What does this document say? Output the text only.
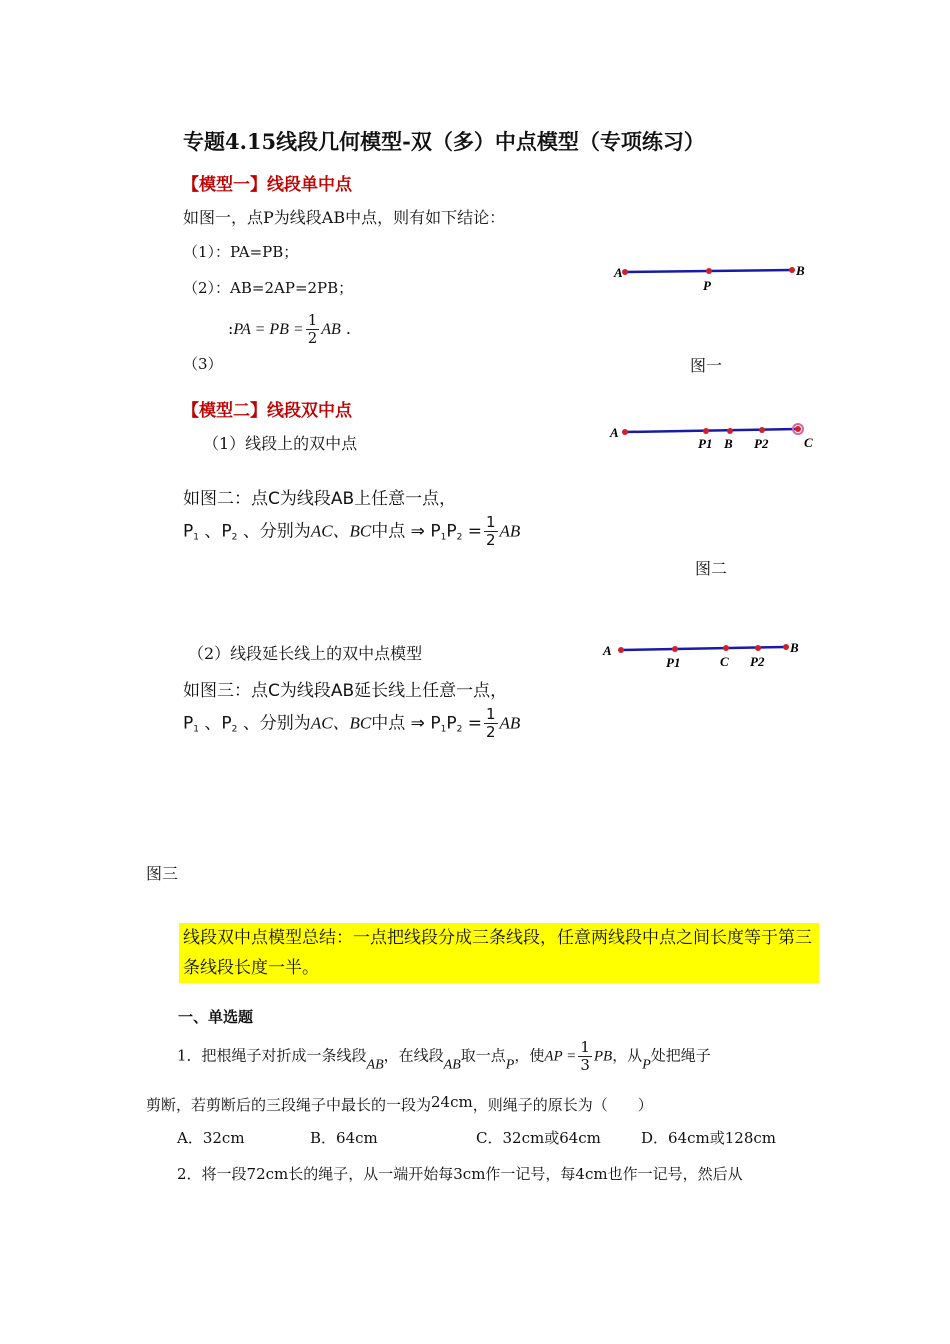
专题4.15线段几何模型-双（多）中点模型（专项练习）
【模型一】线段单中点
如图一，点P为线段AB中点，则有如下结论：
（1）：PA=PB；
（2）：AB=2AP=2PB；
（3）
:PA = PB = $\frac{1}{2}$ AB .
A
P
B
图一
【模型二】线段双中点
（1）线段上的双中点
A
P1 B P2	C
如图二：点C为线段AB上任意一点，
$P_1$ 、$P_2$ 、分别为AC、BC中点 ⇒ $P_1P_2 = \frac{1}{2}$ AB
图二
（2）线段延长线上的双中点模型	A
P1	C P2
B
如图三：点C为线段AB延长线上任意一点，
$P_1$ 、$P_2$ 、分别为AC、BC中点 ⇒ $P_1P_2 = \frac{1}{2}$ AB
图三
线段双中点模型总结：一点把线段分成三条线段，任意两线段中点之间长度等于第三条线段长度一半。
一、单选题
1．把根绳子对折成一条线段AB，在线段AB取一点P，使AP = $\frac{1}{3}$ PB，从P处把绳子
剪断，若剪断后的三段绳子中最长的一段为24cm，则绳子的原长为（　　）
A．32cm	B．64cm	C．32cm或64cm	D．64cm或128cm
2．将一段72cm长的绳子，从一端开始每3cm作一记号，每4cm也作一记号，然后从
